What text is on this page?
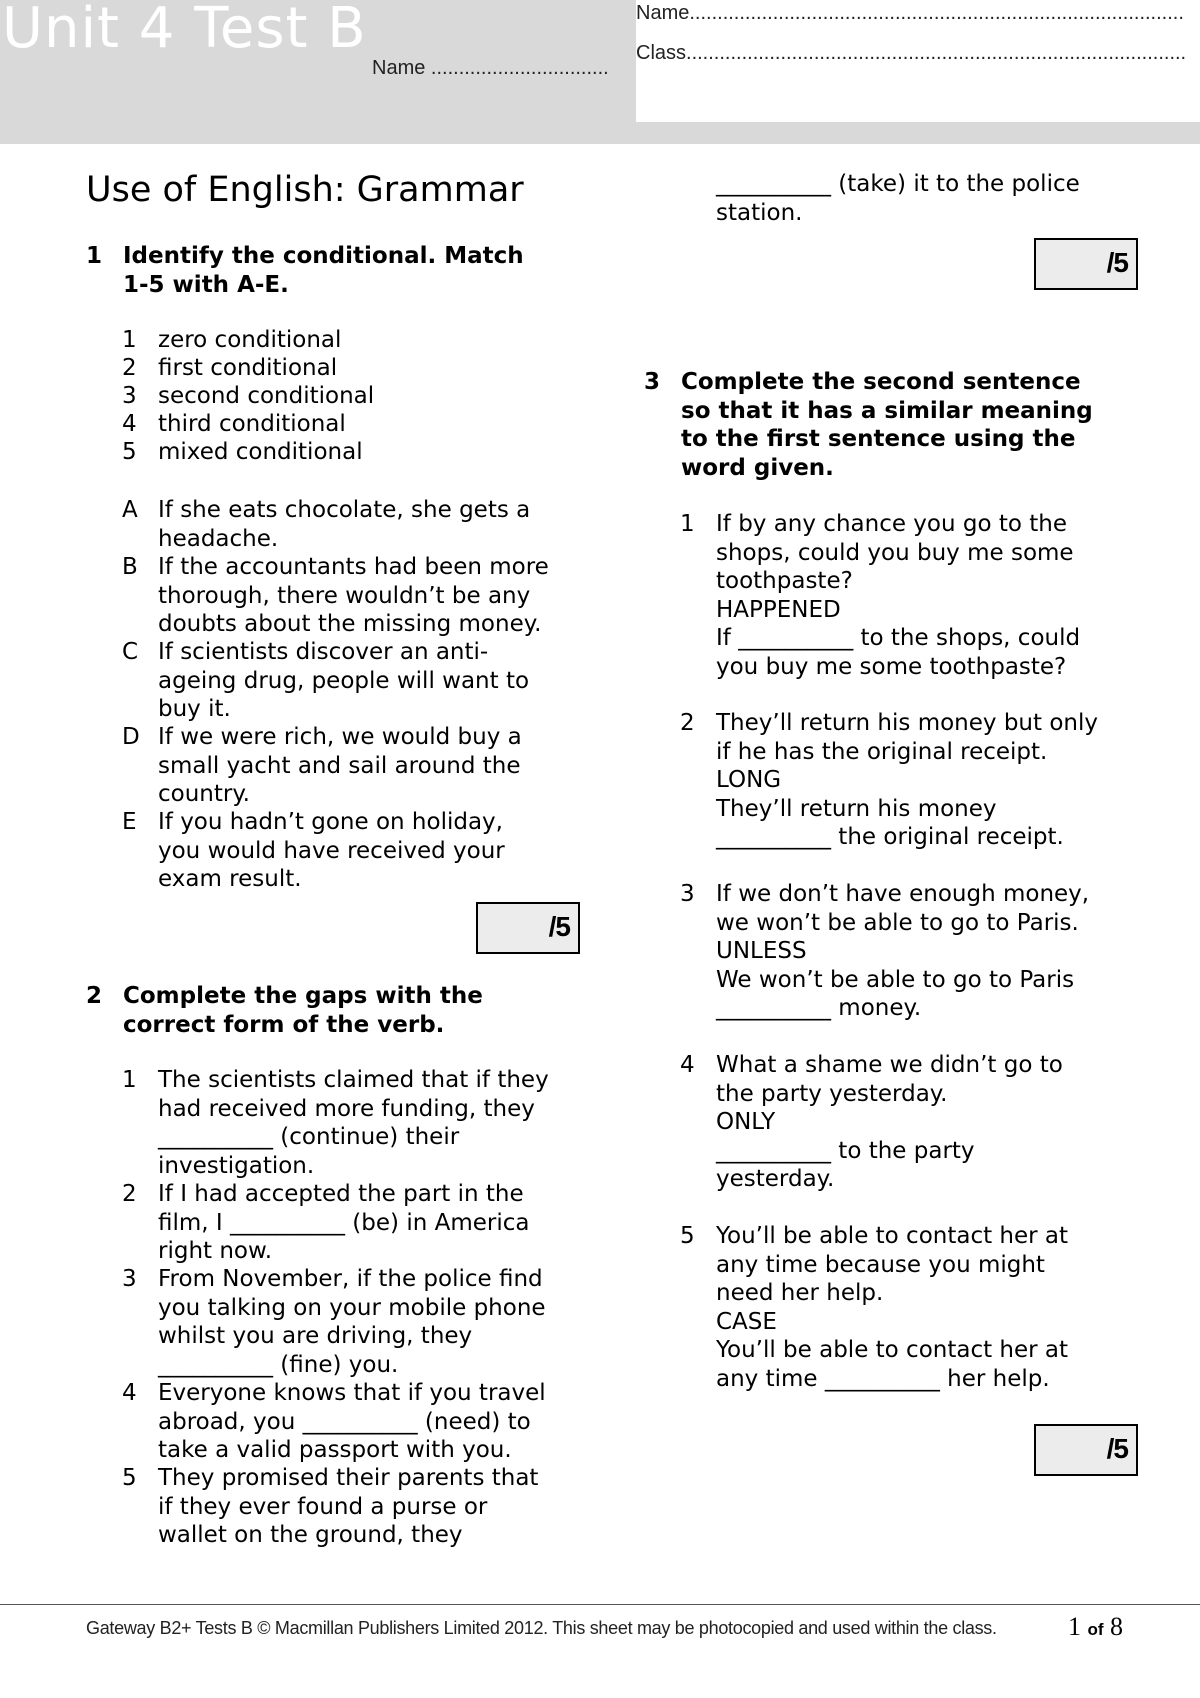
Unit 4 Test B
Name ................................
Name.........................................................................................
Class..........................................................................................
Use of English: Grammar
1 Identify the conditional. Match
1-5 with A-E.
1 zero conditional
2 first conditional
3 second conditional
4 third conditional
5 mixed conditional
A If she eats chocolate, she gets a
headache.
B If the accountants had been more
thorough, there wouldn’t be any
doubts about the missing money.
C If scientists discover an anti-
ageing drug, people will want to
buy it.
D If we were rich, we would buy a
small yacht and sail around the
country.
E If you hadn’t gone on holiday,
you would have received your
exam result.
/5
2 Complete the gaps with the
correct form of the verb.
1 The scientists claimed that if they
had received more funding, they
__________ (continue) their
investigation.
2 If I had accepted the part in the
film, I __________ (be) in America
right now.
3 From November, if the police find
you talking on your mobile phone
whilst you are driving, they
__________ (fine) you.
4 Everyone knows that if you travel
abroad, you __________ (need) to
take a valid passport with you.
5 They promised their parents that
if they ever found a purse or
wallet on the ground, they
__________ (take) it to the police
station.
/5
3 Complete the second sentence
so that it has a similar meaning
to the first sentence using the
word given.
1 If by any chance you go to the
shops, could you buy me some
toothpaste?
HAPPENED
If __________ to the shops, could
you buy me some toothpaste?
2 They’ll return his money but only
if he has the original receipt.
LONG
They’ll return his money
__________ the original receipt.
3 If we don’t have enough money,
we won’t be able to go to Paris.
UNLESS
We won’t be able to go to Paris
__________ money.
4 What a shame we didn’t go to
the party yesterday.
ONLY
__________ to the party
yesterday.
5 You’ll be able to contact her at
any time because you might
need her help.
CASE
You’ll be able to contact her at
any time __________ her help.
/5
Gateway B2+ Tests B © Macmillan Publishers Limited 2012. This sheet may be photocopied and used within the class.	1 of 8
